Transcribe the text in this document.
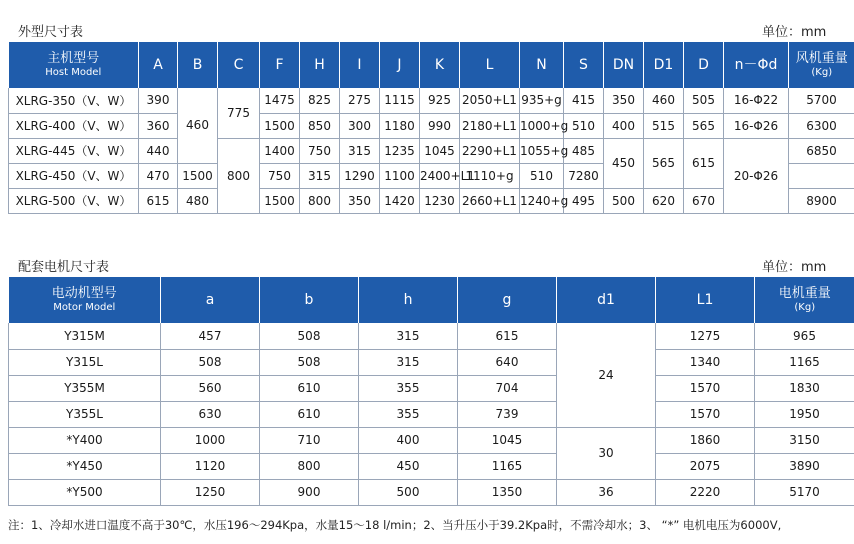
外型尺寸表	单位：mm
主机型号
Host Model	A	B	C	F	H	I	J	K	L	N	S	DN	D1	D	n－Φd	风机重量
(Kg)

XLRG-350（V、W）	390	460	775	1475	825	275	1115	925	2050+L1	935+g	415	350	460	505	16-Φ22	5700
XLRG-400（V、W）	360			1500	850	300	1180	990	2180+L1	1000+g	510	400	515	565	16-Φ26	6300
XLRG-445（V、W）	440		800	1400	750	315	1235	1045	2290+L1	1055+g	485	450	565	615	20-Φ26	6850
XLRG-450（V、W）	470	1500		750	315	1290	1100	2400+L1	1110+g	510	7280					
XLRG-500（V、W）	615	480		1500	800	350	1420	1230	2660+L1	1240+g	495	500	620	670		8900
配套电机尺寸表	单位：mm
电动机型号
Motor Model	a	b	h	g	d1	L1	电机重量
(Kg)

Y315M	457	508	315	615	24	1275	965
Y315L	508	508	315	640		1340	1165
Y355M	560	610	355	704		1570	1830
Y355L	630	610	355	739		1570	1950
*Y400	1000	710	400	1045	30	1860	3150
*Y450	1120	800	450	1165		2075	3890
*Y500	1250	900	500	1350	36	2220	5170
注：1、冷却水进口温度不高于30℃，水压196～294Kpa，水量15～18 l/min；2、当升压小于39.2Kpa时，不需冷却水；3、 “*” 电机电压为6000V,
